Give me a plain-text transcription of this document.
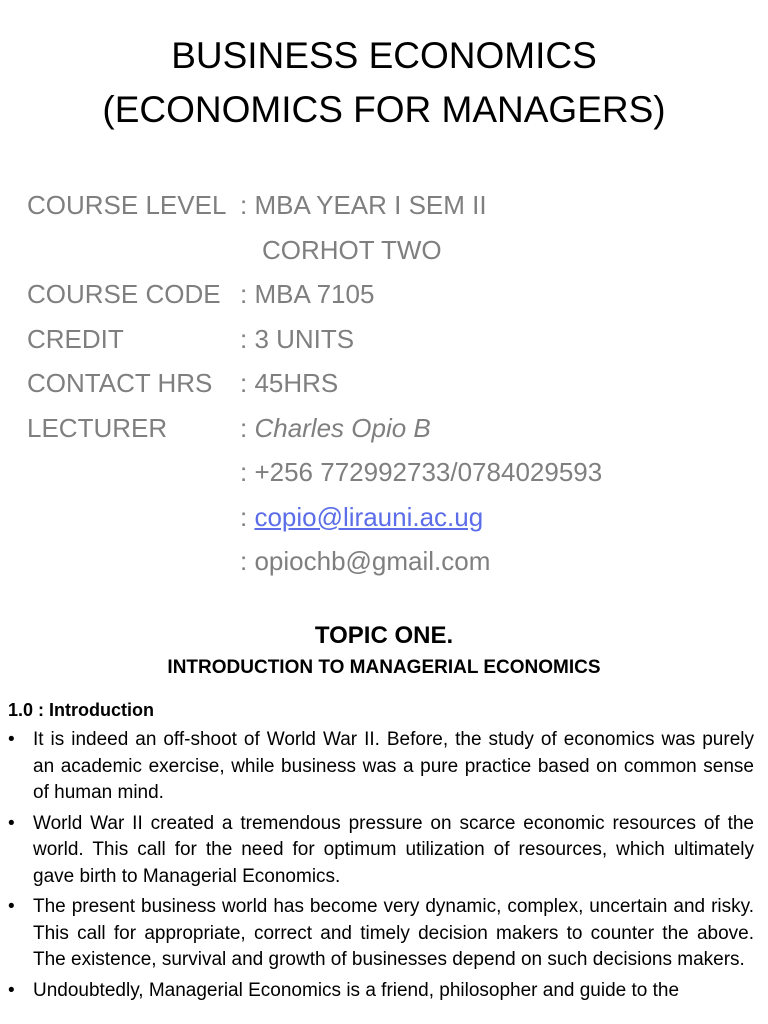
BUSINESS ECONOMICS
(ECONOMICS FOR MANAGERS)
COURSE LEVEL : MBA YEAR I SEM II
CORHOT TWO
COURSE CODE : MBA 7105
CREDIT	: 3 UNITS
CONTACT HRS : 45HRS
LECTURER	: Charles Opio B
: +256 772992733/0784029593
: copio@lirauni.ac.ug
: opiochb@gmail.com
TOPIC ONE.
INTRODUCTION TO MANAGERIAL ECONOMICS
1.0 : Introduction
• It is indeed an off-shoot of World War II. Before, the study of economics was purely an academic exercise, while business was a pure practice based on common sense of human mind.
• World War II created a tremendous pressure on scarce economic resources of the world. This call for the need for optimum utilization of resources, which ultimately gave birth to Managerial Economics.
• The present business world has become very dynamic, complex, uncertain and risky. This call for appropriate, correct and timely decision makers to counter the above. The existence, survival and growth of businesses depend on such decisions makers.
• Undoubtedly, Managerial Economics is a friend, philosopher and guide to the
